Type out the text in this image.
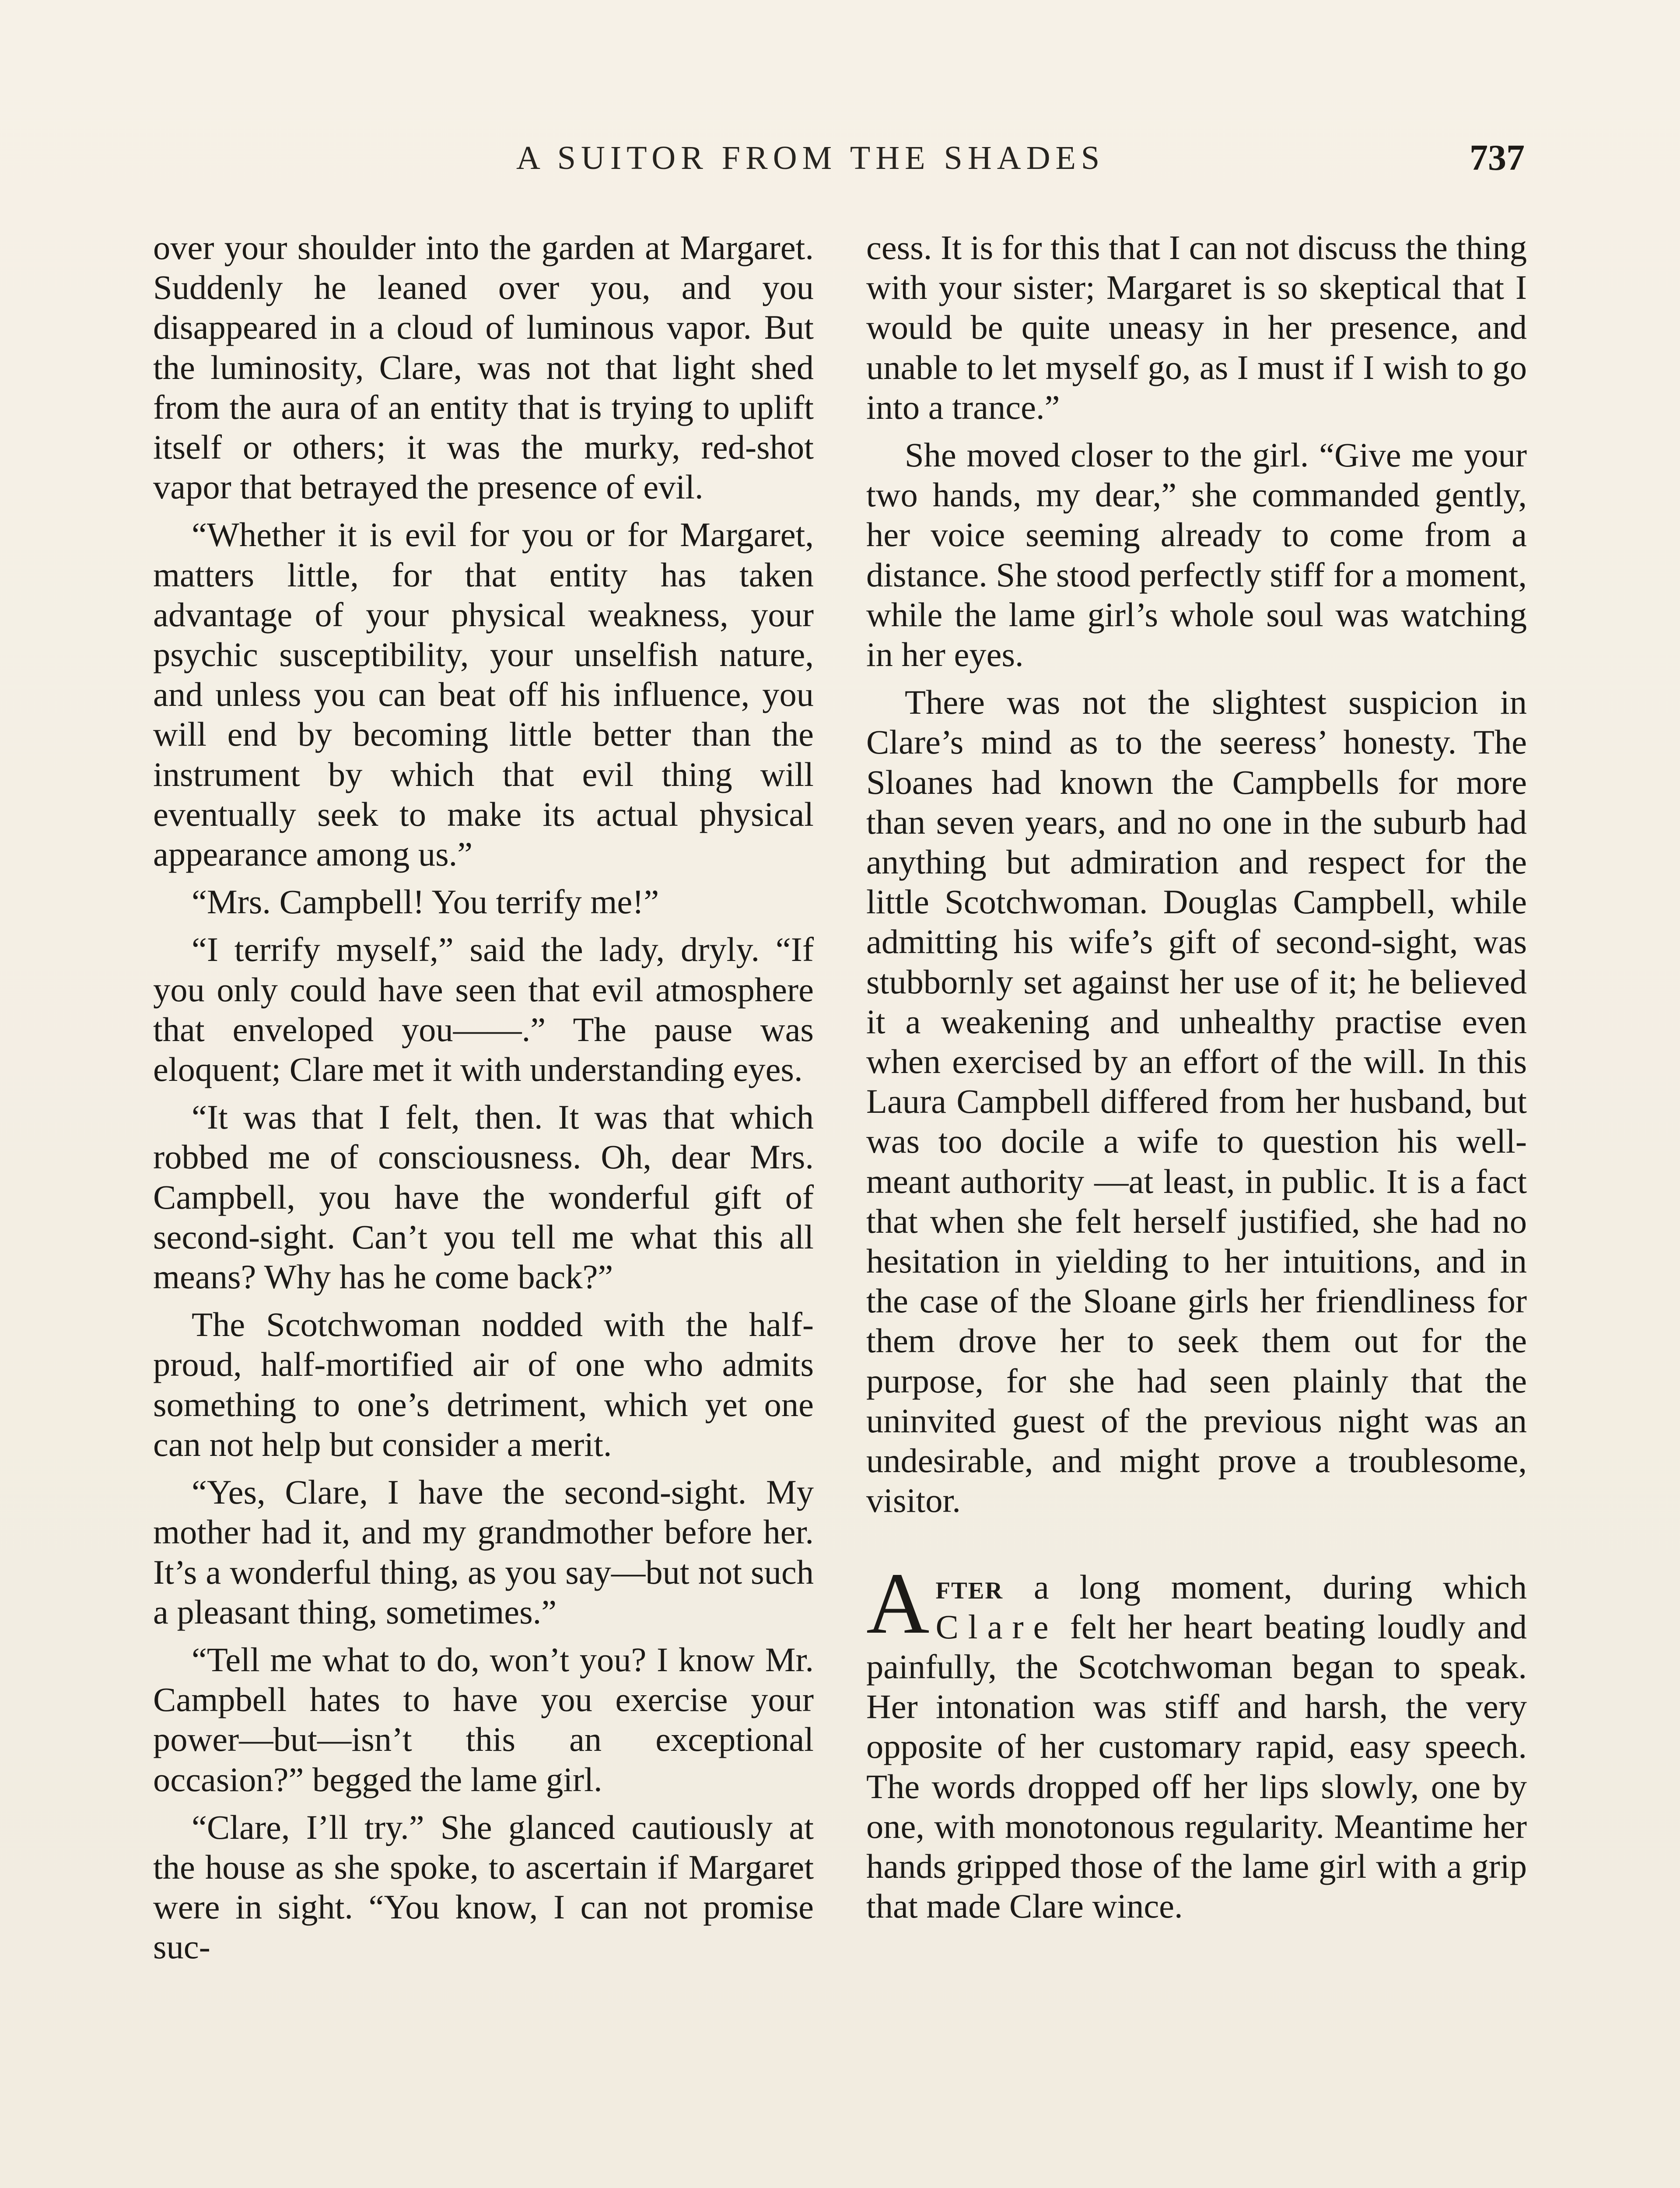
A SUITOR FROM THE SHADES	737

over your shoulder into the garden at Margaret. Suddenly he leaned over you, and you disappeared in a cloud of luminous vapor. But the luminosity, Clare, was not that light shed from the aura of an entity that is trying to uplift itself or others; it was the murky, red-shot vapor that betrayed the presence of evil.

“Whether it is evil for you or for Margaret, matters little, for that entity has taken advantage of your physical weakness, your psychic susceptibility, your unselfish nature, and unless you can beat off his influence, you will end by becoming little better than the instrument by which that evil thing will eventually seek to make its actual physical appearance among us.”

“Mrs. Campbell! You terrify me!”

“I terrify myself,” said the lady, dryly. “If you only could have seen that evil atmosphere that enveloped you——.” The pause was eloquent; Clare met it with understanding eyes.

“It was that I felt, then. It was that which robbed me of consciousness. Oh, dear Mrs. Campbell, you have the wonderful gift of second-sight. Can’t you tell me what this all means? Why has he come back?”

The Scotchwoman nodded with the half-proud, half-mortified air of one who admits something to one’s detriment, which yet one can not help but consider a merit.

“Yes, Clare, I have the second-sight. My mother had it, and my grandmother before her. It’s a wonderful thing, as you say—but not such a pleasant thing, sometimes.”

“Tell me what to do, won’t you? I know Mr. Campbell hates to have you exercise your power—but—isn’t this an exceptional occasion?” begged the lame girl.

“Clare, I’ll try.” She glanced cautiously at the house as she spoke, to ascertain if Margaret were in sight. “You know, I can not promise suc-

cess. It is for this that I can not discuss the thing with your sister; Margaret is so skeptical that I would be quite uneasy in her presence, and unable to let myself go, as I must if I wish to go into a trance.”

She moved closer to the girl. “Give me your two hands, my dear,” she commanded gently, her voice seeming already to come from a distance. She stood perfectly stiff for a moment, while the lame girl’s whole soul was watching in her eyes.

There was not the slightest suspicion in Clare’s mind as to the seeress’ honesty. The Sloanes had known the Campbells for more than seven years, and no one in the suburb had anything but admiration and respect for the little Scotchwoman. Douglas Campbell, while admitting his wife’s gift of second-sight, was stubbornly set against her use of it; he believed it a weakening and unhealthy practise even when exercised by an effort of the will. In this Laura Campbell differed from her husband, but was too docile a wife to question his well-meant authority —at least, in public. It is a fact that when she felt herself justified, she had no hesitation in yielding to her intuitions, and in the case of the Sloane girls her friendliness for them drove her to seek them out for the purpose, for she had seen plainly that the uninvited guest of the previous night was an undesirable, and might prove a troublesome, visitor.

After a long moment, during which Clare felt her heart beating loudly and painfully, the Scotchwoman began to speak. Her intonation was stiff and harsh, the very opposite of her customary rapid, easy speech. The words dropped off her lips slowly, one by one, with monotonous regularity. Meantime her hands gripped those of the lame girl with a grip that made Clare wince.
